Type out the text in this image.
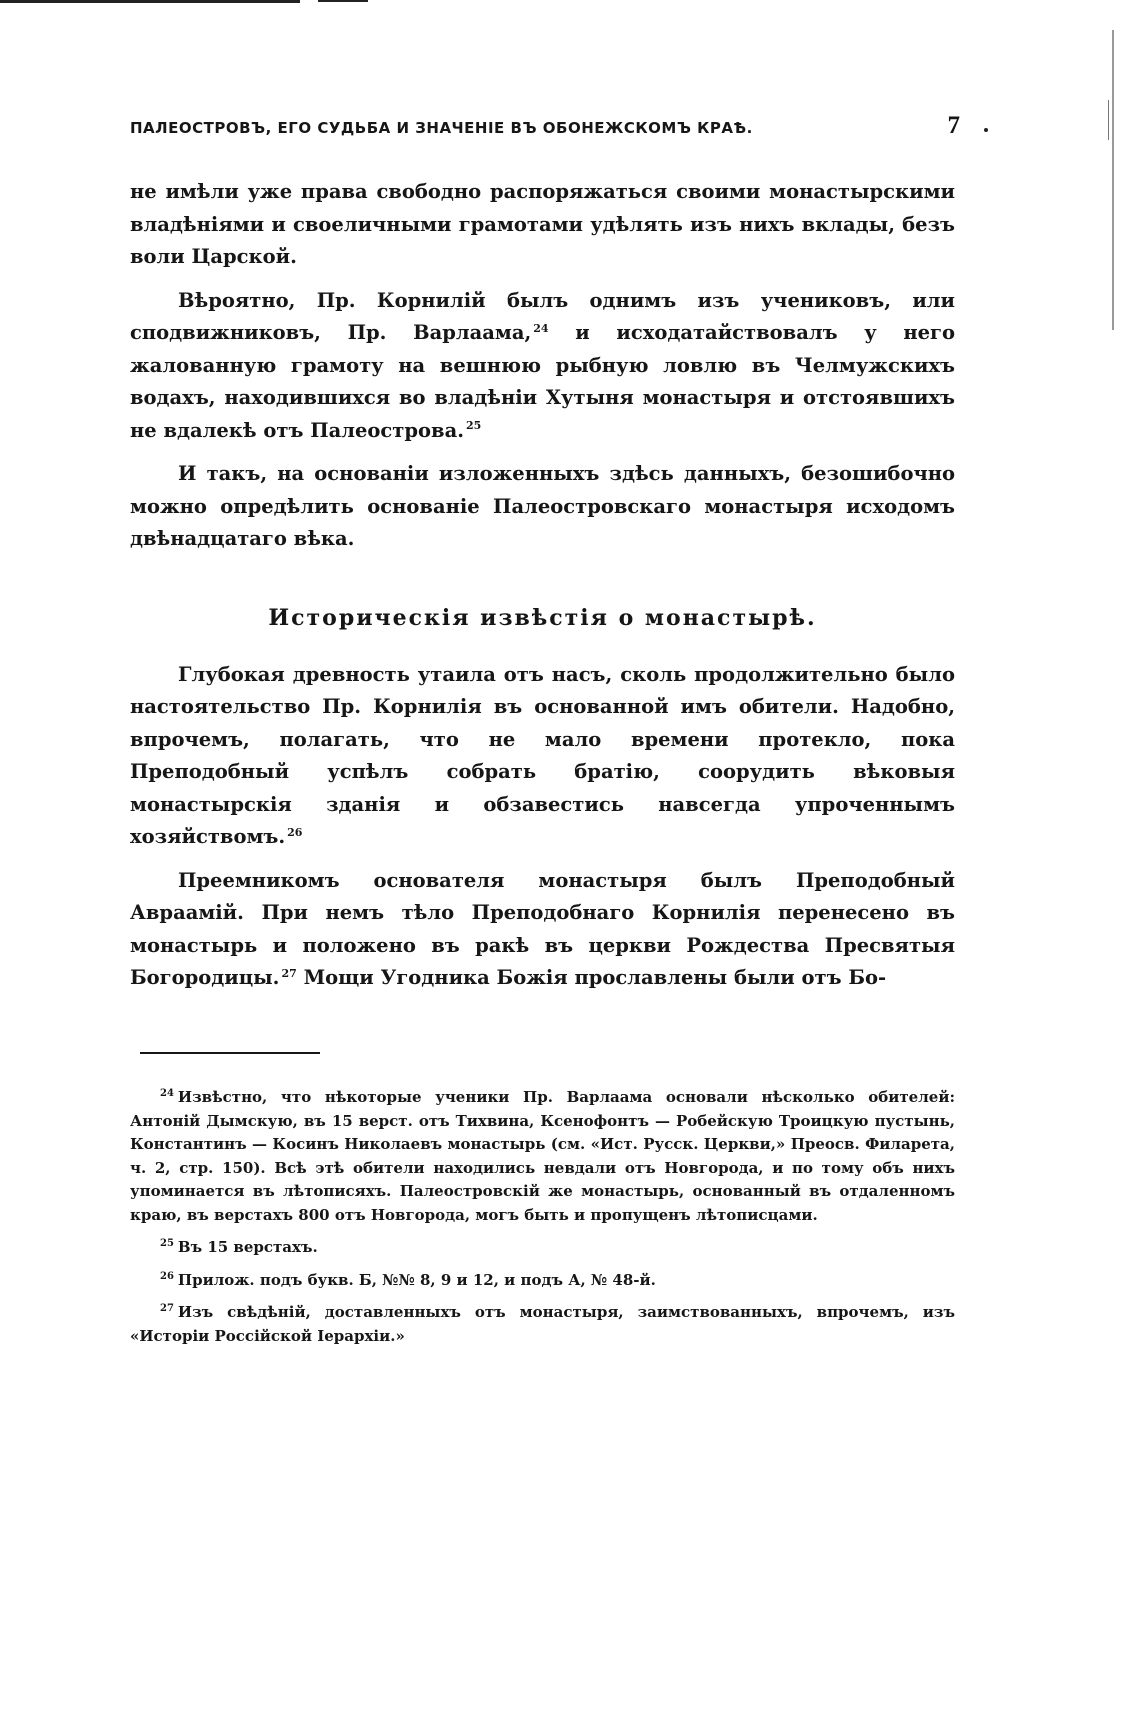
ПАЛЕОСТРОВЪ, ЕГО СУДЬБА И ЗНАЧЕНІЕ ВЪ ОБОНЕЖСКОМЪ КРАѢ.	7

не имѣли уже права свободно распоряжаться своими монастырскими владѣніями и своеличными грамотами удѣлять изъ нихъ вклады, безъ воли Царской.

Вѣроятно, Пр. Корнилій былъ однимъ изъ учениковъ, или сподвижниковъ, Пр. Варлаама, $^{24}$ и исходатайствовалъ у него жалованную грамоту на вешнюю рыбную ловлю въ Челмужскихъ водахъ, находившихся во владѣніи Хутыня монастыря и отстоявшихъ не вдалекѣ отъ Палеострова. $^{25}$

И такъ, на основаніи изложенныхъ здѣсь данныхъ, безошибочно можно опредѣлить основаніе Палеостровскаго монастыря исходомъ двѣнадцатаго вѣка.

Историческія извѣстія о монастырѣ.

Глубокая древность утаила отъ насъ, сколь продолжительно было настоятельство Пр. Корнилія въ основанной имъ обители. Надобно, впрочемъ, полагать, что не мало времени протекло, пока Преподобный успѣлъ собрать братію, соорудить вѣковыя монастырскія зданія и обзавестись навсегда упроченнымъ хозяйствомъ. $^{26}$

Преемникомъ основателя монастыря былъ Преподобный Авраамій. При немъ тѣло Преподобнаго Корнилія перенесено въ монастырь и положено въ ракѣ въ церкви Рождества Пресвятыя Богородицы. $^{27}$ Мощи Угодника Божія прославлены были отъ Бо-

$^{24}$ Извѣстно, что нѣкоторые ученики Пр. Варлаама основали нѣсколько обителей: Антонiй Дымскую, въ 15 верст. отъ Тихвина, Ксенофонтъ — Робейскую Троицкую пустынь, Константинъ — Косинъ Николаевъ монастырь (см. «Ист. Русск. Церкви,» Преосв. Филарета, ч. 2, стр. 150). Всѣ этѣ обители находились невдали отъ Новгорода, и по тому объ нихъ упоминается въ лѣтописяхъ. Палеостровскій же монастырь, основанный въ отдаленномъ краю, въ верстахъ 800 отъ Новгорода, могъ быть и пропущенъ лѣтописцами.

$^{25}$ Въ 15 верстахъ.

$^{26}$ Прилож. подъ букв. Б, №№ 8, 9 и 12, и подъ А, № 48-й.

$^{27}$ Изъ свѣдѣній, доставленныхъ отъ монастыря, заимствованныхъ, впрочемъ, изъ «Исторіи Россійской Іерархіи.»
